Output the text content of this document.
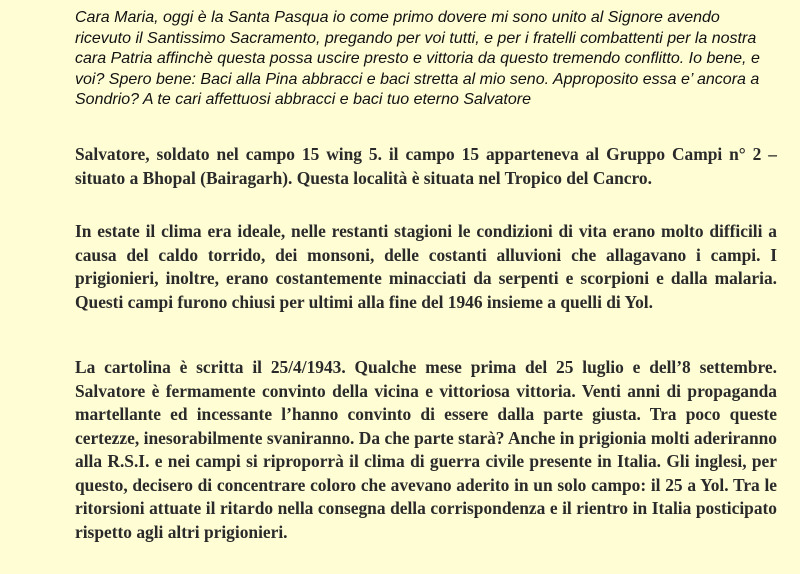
Cara Maria, oggi è la Santa Pasqua io come primo dovere mi sono unito al Signore avendo ricevuto il Santissimo Sacramento, pregando per voi tutti, e per i fratelli combattenti per la nostra cara Patria affinchè questa possa uscire presto e vittoria da questo tremendo conflitto. Io bene, e voi? Spero bene: Baci alla Pina abbracci e baci stretta al mio seno. Approposito essa e’ ancora a Sondrio? A te cari affettuosi abbracci e baci tuo eterno Salvatore

Salvatore, soldato nel campo 15 wing 5. il campo 15 apparteneva al Gruppo Campi n° 2 – situato a Bhopal (Bairagarh). Questa località è situata nel Tropico del Cancro.

In estate il clima era ideale, nelle restanti stagioni le condizioni di vita erano molto difficili a causa del caldo torrido, dei monsoni, delle costanti alluvioni che allagavano i campi. I prigionieri, inoltre, erano costantemente minacciati da serpenti e scorpioni e dalla malaria. Questi campi furono chiusi per ultimi alla fine del 1946 insieme a quelli di Yol.

La cartolina è scritta il 25/4/1943. Qualche mese prima del 25 luglio e dell’8 settembre. Salvatore è fermamente convinto della vicina e vittoriosa vittoria. Venti anni di propaganda martellante ed incessante l’hanno convinto di essere dalla parte giusta. Tra poco queste certezze, inesorabilmente svaniranno. Da che parte starà? Anche in prigionia molti aderiranno alla R.S.I. e nei campi si riproporrà il clima di guerra civile presente in Italia. Gli inglesi, per questo, decisero di concentrare coloro che avevano aderito in un solo campo: il 25 a Yol. Tra le ritorsioni attuate il ritardo nella consegna della corrispondenza e il rientro in Italia posticipato rispetto agli altri prigionieri.
